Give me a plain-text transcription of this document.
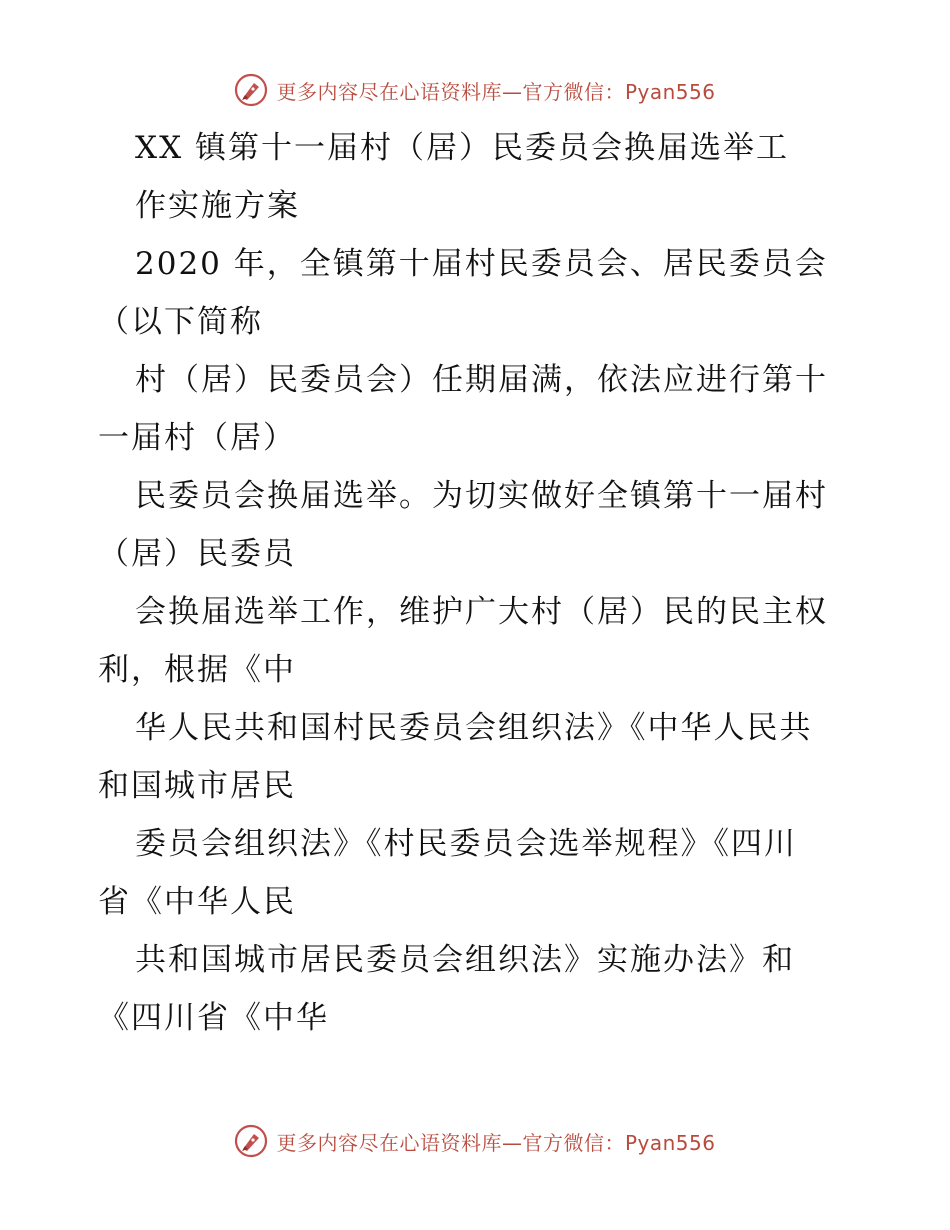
更多内容尽在心语资料库—官方微信：Pyan556
XX 镇第十一届村（居）民委员会换届选举工
作实施方案
2020 年，全镇第十届村民委员会、居民委员会
（以下简称
村（居）民委员会）任期届满，依法应进行第十
一届村（居）
民委员会换届选举。为切实做好全镇第十一届村
（居）民委员
会换届选举工作，维护广大村（居）民的民主权
利，根据《中
华人民共和国村民委员会组织法》《中华人民共
和国城市居民
委员会组织法》《村民委员会选举规程》《四川
省《中华人民
共和国城市居民委员会组织法》实施办法》和
《四川省《中华
更多内容尽在心语资料库—官方微信：Pyan556
